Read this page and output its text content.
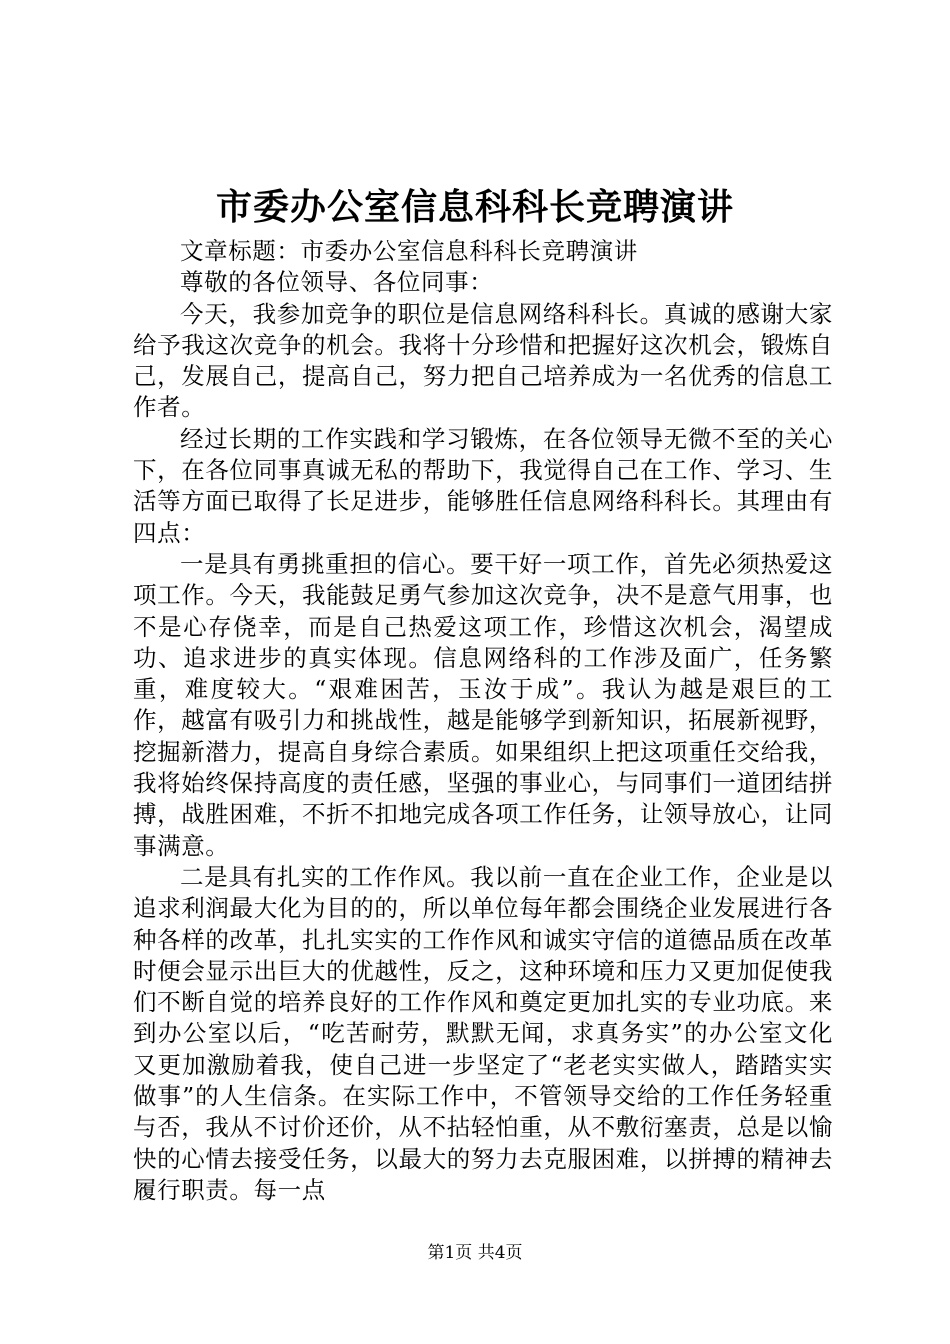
市委办公室信息科科长竞聘演讲

文章标题：市委办公室信息科科长竞聘演讲

尊敬的各位领导、各位同事：

今天，我参加竞争的职位是信息网络科科长。真诚的感谢大家给予我这次竞争的机会。我将十分珍惜和把握好这次机会，锻炼自己，发展自己，提高自己，努力把自己培养成为一名优秀的信息工作者。

经过长期的工作实践和学习锻炼，在各位领导无微不至的关心下，在各位同事真诚无私的帮助下，我觉得自己在工作、学习、生活等方面已取得了长足进步，能够胜任信息网络科科长。其理由有四点：

一是具有勇挑重担的信心。要干好一项工作，首先必须热爱这项工作。今天，我能鼓足勇气参加这次竞争，决不是意气用事，也不是心存侥幸，而是自己热爱这项工作，珍惜这次机会，渴望成功、追求进步的真实体现。信息网络科的工作涉及面广，任务繁重，难度较大。“艰难困苦，玉汝于成”。我认为越是艰巨的工作，越富有吸引力和挑战性，越是能够学到新知识，拓展新视野，挖掘新潜力，提高自身综合素质。如果组织上把这项重任交给我，我将始终保持高度的责任感，坚强的事业心，与同事们一道团结拼搏，战胜困难，不折不扣地完成各项工作任务，让领导放心，让同事满意。

二是具有扎实的工作作风。我以前一直在企业工作，企业是以追求利润最大化为目的的，所以单位每年都会围绕企业发展进行各种各样的改革，扎扎实实的工作作风和诚实守信的道德品质在改革时便会显示出巨大的优越性，反之，这种环境和压力又更加促使我们不断自觉的培养良好的工作作风和奠定更加扎实的专业功底。来到办公室以后，“吃苦耐劳，默默无闻，求真务实”的办公室文化又更加激励着我，使自己进一步坚定了“老老实实做人，踏踏实实做事”的人生信条。在实际工作中，不管领导交给的工作任务轻重与否，我从不讨价还价，从不拈轻怕重，从不敷衍塞责，总是以愉快的心情去接受任务，以最大的努力去克服困难，以拼搏的精神去履行职责。每一点

第1页 共4页
